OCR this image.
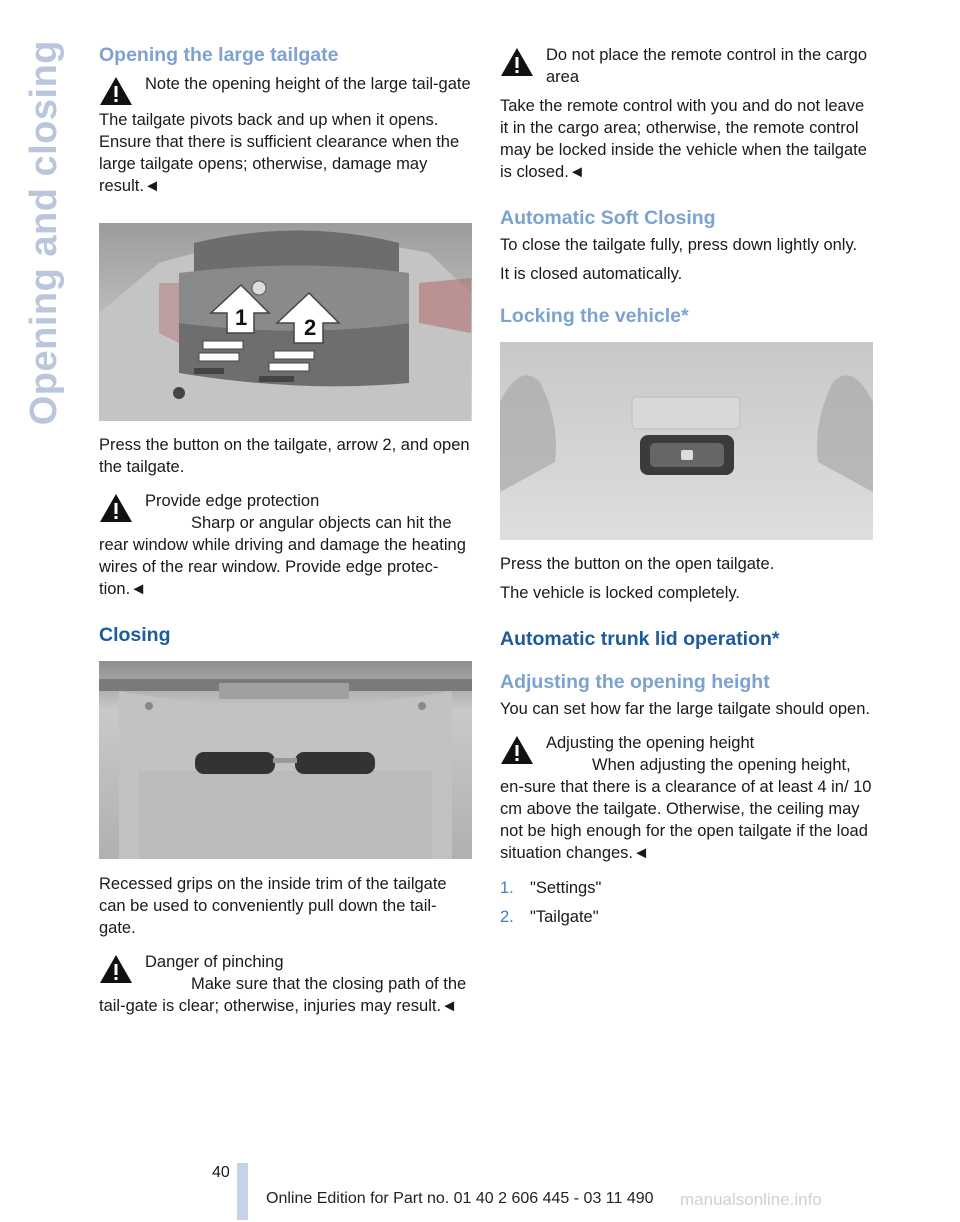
Opening and closing Opening the large tailgate

Note the opening height of the large tail-gate

The tailgate pivots back and up when it opens. Ensure that there is sufficient clearance when the large tailgate opens; otherwise, damage may result.◄

1	2

Press the button on the tailgate, arrow 2, and open the tailgate.

Provide edge protection

Sharp or angular objects can hit the rear window while driving and damage the heating wires of the rear window. Provide edge protec-tion.◄

Closing

Recessed grips on the inside trim of the tailgate can be used to conveniently pull down the tail-gate.

Danger of pinching

Make sure that the closing path of the tail-gate is clear; otherwise, injuries may result.◄

Do not place the remote control in the cargo area

Take the remote control with you and do not leave it in the cargo area; otherwise, the remote control may be locked inside the vehicle when the tailgate is closed.◄

Automatic Soft Closing

To close the tailgate fully, press down lightly only.

It is closed automatically.

Locking the vehicle*

Press the button on the open tailgate.

The vehicle is locked completely.

Automatic trunk lid operation*
Adjusting the opening height

You can set how far the large tailgate should open.

Adjusting the opening height

When adjusting the opening height, en-sure that there is a clearance of at least 4 in/ 10 cm above the tailgate. Otherwise, the ceiling may not be high enough for the open tailgate if the load situation changes.◄

1. "Settings"
2. "Tailgate"
40
Online Edition for Part no. 01 40 2 606 445 - 03 11 490 manualsonline.info
